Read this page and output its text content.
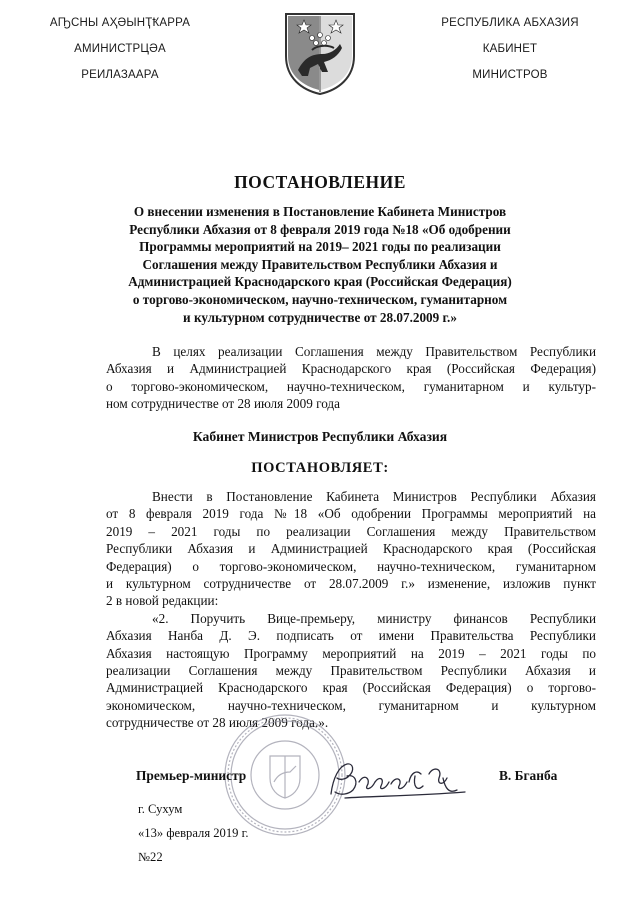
АҦСНЫ АҲӘЫНҬҞАРРА
АМИНИСТРЦӘА
РЕИЛАЗААРА
РЕСПУБЛИКА АБХАЗИЯ
КАБИНЕТ
МИНИСТРОВ
ПОСТАНОВЛЕНИЕ
О внесении изменения в Постановление Кабинета Министров
Республики Абхазия от 8 февраля 2019 года №18 «Об одобрении
Программы мероприятий на 2019– 2021 годы по реализации
Соглашения между Правительством Республики Абхазия и
Администрацией Краснодарского края (Российская Федерация)
о торгово-экономическом, научно-техническом, гуманитарном
и культурном сотрудничестве от 28.07.2009 г.»
В целях реализации Соглашения между Правительством Республики
Абхазия и Администрацией Краснодарского края (Российская Федерация)
о торгово-экономическом, научно-техническом, гуманитарном и культур-
ном сотрудничестве от 28 июля 2009 года
Кабинет Министров Республики Абхазия
ПОСТАНОВЛЯЕТ:
Внести в Постановление Кабинета Министров Республики Абхазия
от 8 февраля 2019 года №18 «Об одобрении Программы мероприятий на
2019 – 2021 годы по реализации Соглашения между Правительством
Республики Абхазия и Администрацией Краснодарского края (Российская
Федерация) о торгово-экономическом, научно-техническом, гуманитарном
и культурном сотрудничестве от 28.07.2009 г.» изменение, изложив пункт
2 в новой редакции:
«2. Поручить Вице-премьеру, министру финансов Республики
Абхазия Нанба Д. Э. подписать от имени Правительства Республики
Абхазия настоящую Программу мероприятий на 2019 – 2021 годы по
реализации Соглашения между Правительством Республики Абхазия и
Администрацией Краснодарского края (Российская Федерация) о торгово-
экономическом, научно-техническом, гуманитарном и культурном
сотрудничестве от 28 июля 2009 года.».
Премьер-министр	В. Бганба
г. Сухум
«13» февраля 2019 г.
№22
